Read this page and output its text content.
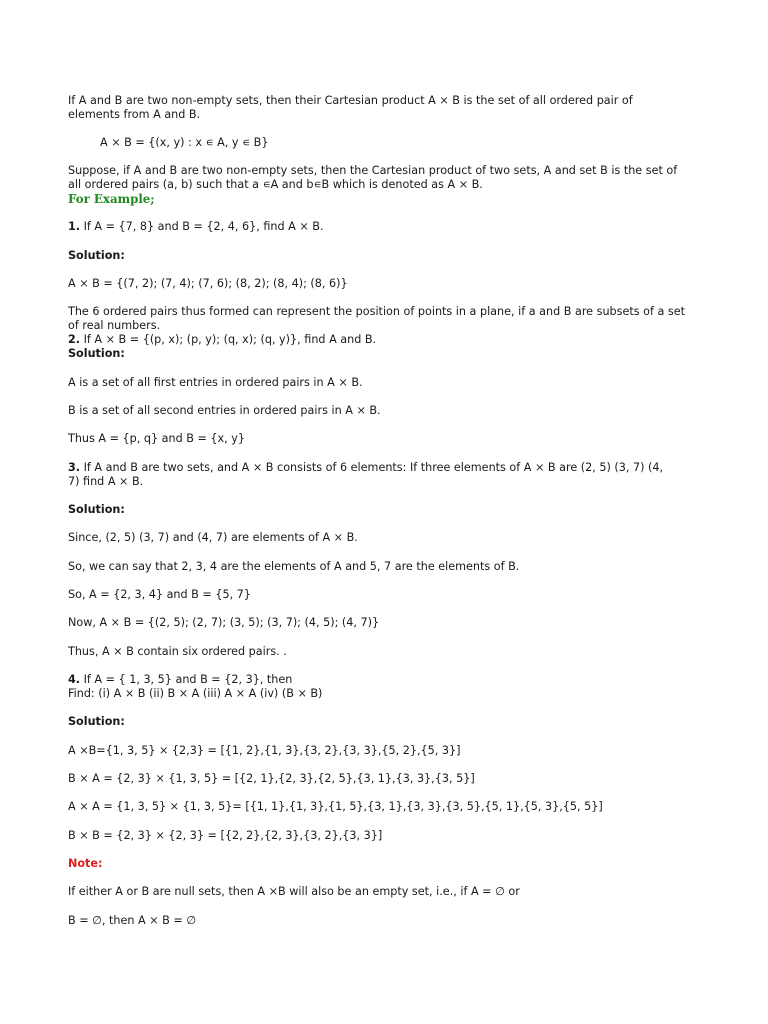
If A and B are two non-empty sets, then their Cartesian product A × B is the set of all ordered pair of
elements from A and B.
A × B = {(x, y) : x ∊ A, y ∊ B}
Suppose, if A and B are two non-empty sets, then the Cartesian product of two sets, A and set B is the set of
all ordered pairs (a, b) such that a ∊A and b∊B which is denoted as A × B.
For Example;
1. If A = {7, 8} and B = {2, 4, 6}, find A × B.
Solution:
A × B = {(7, 2); (7, 4); (7, 6); (8, 2); (8, 4); (8, 6)}
The 6 ordered pairs thus formed can represent the position of points in a plane, if a and B are subsets of a set
of real numbers.
2. If A × B = {(p, x); (p, y); (q, x); (q, y)}, find A and B.
Solution:
A is a set of all first entries in ordered pairs in A × B.
B is a set of all second entries in ordered pairs in A × B.
Thus A = {p, q} and B = {x, y}
3. If A and B are two sets, and A × B consists of 6 elements: If three elements of A × B are (2, 5) (3, 7) (4,
7) find A × B.
Solution:
Since, (2, 5) (3, 7) and (4, 7) are elements of A × B.
So, we can say that 2, 3, 4 are the elements of A and 5, 7 are the elements of B.
So, A = {2, 3, 4} and B = {5, 7}
Now, A × B = {(2, 5); (2, 7); (3, 5); (3, 7); (4, 5); (4, 7)}
Thus, A × B contain six ordered pairs. .
4. If A = { 1, 3, 5} and B = {2, 3}, then
Find: (i) A × B (ii) B × A (iii) A × A (iv) (B × B)
Solution:
A ×B={1, 3, 5} × {2,3} = [{1, 2},{1, 3},{3, 2},{3, 3},{5, 2},{5, 3}]
B × A = {2, 3} × {1, 3, 5} = [{2, 1},{2, 3},{2, 5},{3, 1},{3, 3},{3, 5}]
A × A = {1, 3, 5} × {1, 3, 5}= [{1, 1},{1, 3},{1, 5},{3, 1},{3, 3},{3, 5},{5, 1},{5, 3},{5, 5}]
B × B = {2, 3} × {2, 3} = [{2, 2},{2, 3},{3, 2},{3, 3}]
Note:
If either A or B are null sets, then A ×B will also be an empty set, i.e., if A = ∅ or
B = ∅, then A × B = ∅
